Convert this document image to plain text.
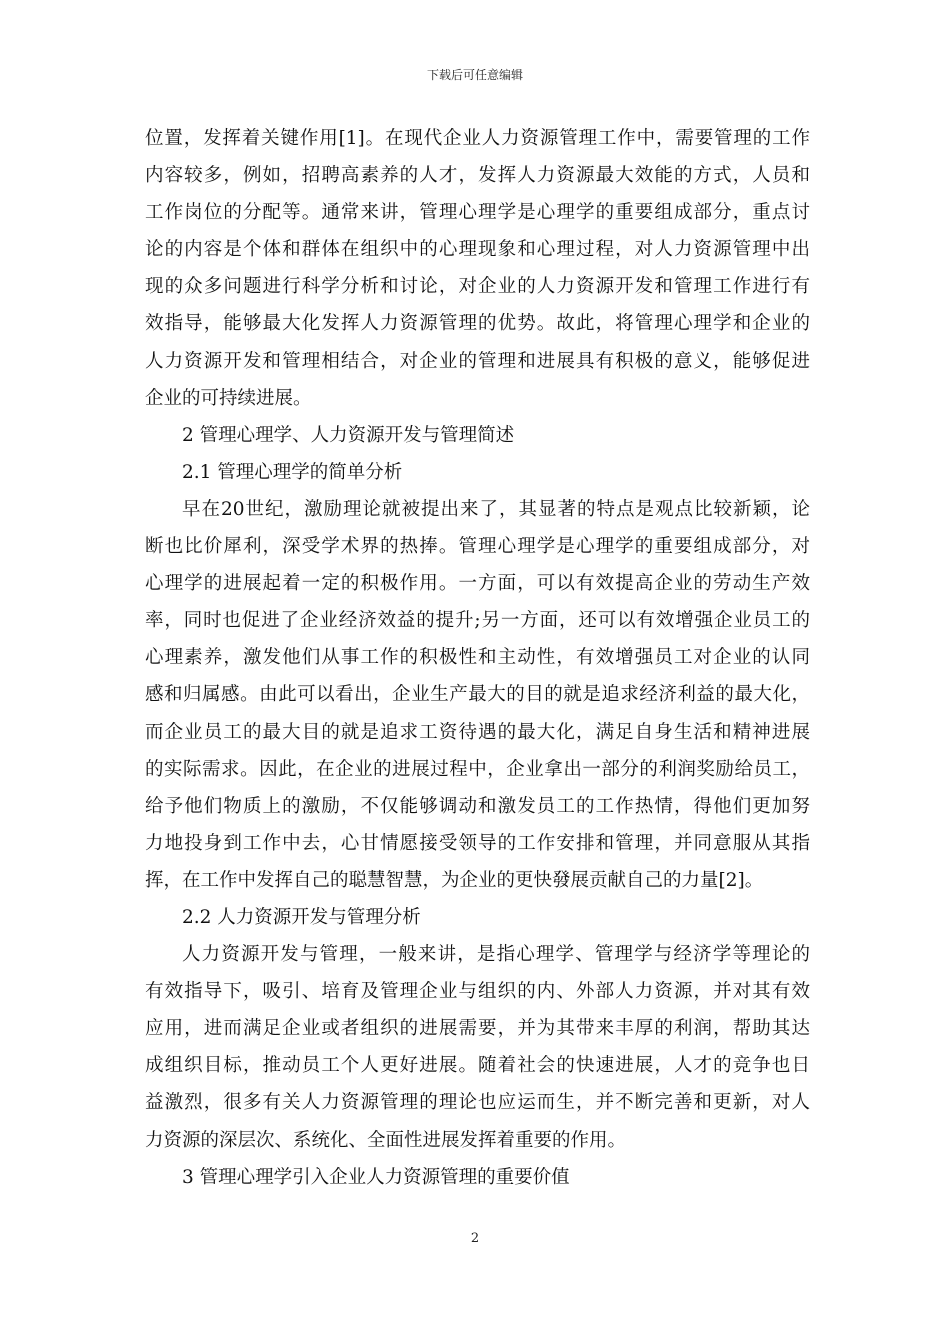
下载后可任意编辑
位置，发挥着关键作用[1]。在现代企业人力资源管理工作中，需要管理的工作
内容较多，例如，招聘高素养的人才，发挥人力资源最大效能的方式，人员和
工作岗位的分配等。通常来讲，管理心理学是心理学的重要组成部分，重点讨
论的内容是个体和群体在组织中的心理现象和心理过程，对人力资源管理中出
现的众多问题进行科学分析和讨论，对企业的人力资源开发和管理工作进行有
效指导，能够最大化发挥人力资源管理的优势。故此，将管理心理学和企业的
人力资源开发和管理相结合，对企业的管理和进展具有积极的意义，能够促进
企业的可持续进展。
2 管理心理学、人力资源开发与管理简述
2.1 管理心理学的简单分析
早在20世纪，激励理论就被提出来了，其显著的特点是观点比较新颖，论
断也比价犀利，深受学术界的热捧。管理心理学是心理学的重要组成部分，对
心理学的进展起着一定的积极作用。一方面，可以有效提高企业的劳动生产效
率，同时也促进了企业经济效益的提升;另一方面，还可以有效增强企业员工的
心理素养，激发他们从事工作的积极性和主动性，有效增强员工对企业的认同
感和归属感。由此可以看出，企业生产最大的目的就是追求经济利益的最大化，
而企业员工的最大目的就是追求工资待遇的最大化，满足自身生活和精神进展
的实际需求。因此，在企业的进展过程中，企业拿出一部分的利润奖励给员工，
给予他们物质上的激励，不仅能够调动和激发员工的工作热情，得他们更加努
力地投身到工作中去，心甘情愿接受领导的工作安排和管理，并同意服从其指
挥，在工作中发挥自己的聪慧智慧，为企业的更快發展贡献自己的力量[2]。
2.2 人力资源开发与管理分析
人力资源开发与管理，一般来讲，是指心理学、管理学与经济学等理论的
有效指导下，吸引、培育及管理企业与组织的内、外部人力资源，并对其有效
应用，进而满足企业或者组织的进展需要，并为其带来丰厚的利润，帮助其达
成组织目标，推动员工个人更好进展。随着社会的快速进展，人才的竞争也日
益激烈，很多有关人力资源管理的理论也应运而生，并不断完善和更新，对人
力资源的深层次、系统化、全面性进展发挥着重要的作用。
3 管理心理学引入企业人力资源管理的重要价值
2
